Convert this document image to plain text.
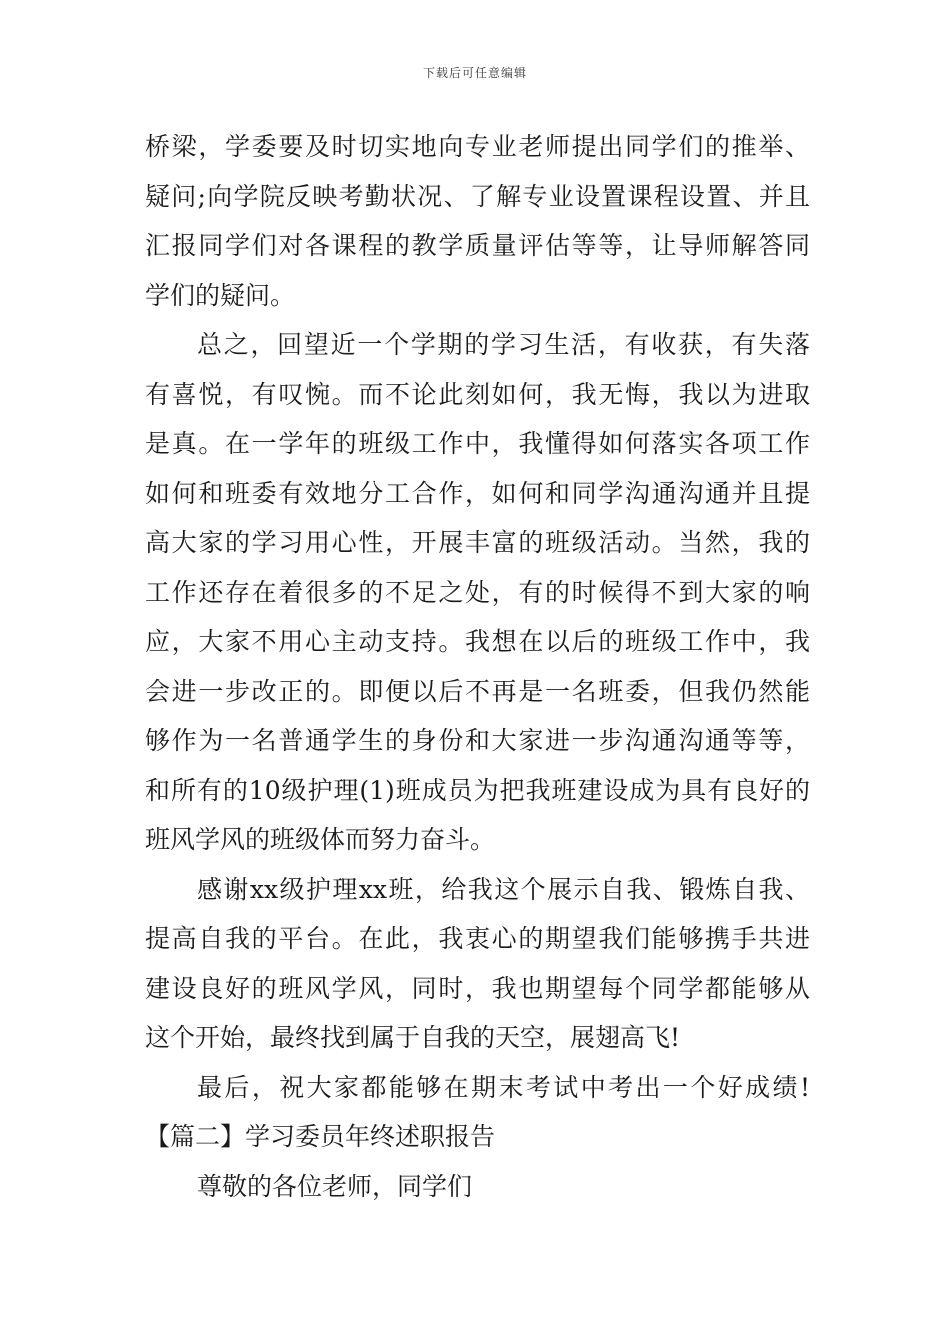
下载后可任意编辑
桥梁，学委要及时切实地向专业老师提出同学们的推举、
疑问;向学院反映考勤状况、了解专业设置课程设置、并且
汇报同学们对各课程的教学质量评估等等，让导师解答同
学们的疑问。
总之，回望近一个学期的学习生活，有收获，有失落
有喜悦，有叹惋。而不论此刻如何，我无悔，我以为进取
是真。在一学年的班级工作中，我懂得如何落实各项工作
如何和班委有效地分工合作，如何和同学沟通沟通并且提
高大家的学习用心性，开展丰富的班级活动。当然，我的
工作还存在着很多的不足之处，有的时候得不到大家的响
应，大家不用心主动支持。我想在以后的班级工作中，我
会进一步改正的。即便以后不再是一名班委，但我仍然能
够作为一名普通学生的身份和大家进一步沟通沟通等等，
和所有的10级护理(1)班成员为把我班建设成为具有良好的
班风学风的班级体而努力奋斗。
感谢xx级护理xx班，给我这个展示自我、锻炼自我、
提高自我的平台。在此，我衷心的期望我们能够携手共进
建设良好的班风学风，同时，我也期望每个同学都能够从
这个开始，最终找到属于自我的天空，展翅高飞!
最后，祝大家都能够在期末考试中考出一个好成绩!
【篇二】学习委员年终述职报告
尊敬的各位老师，同学们
